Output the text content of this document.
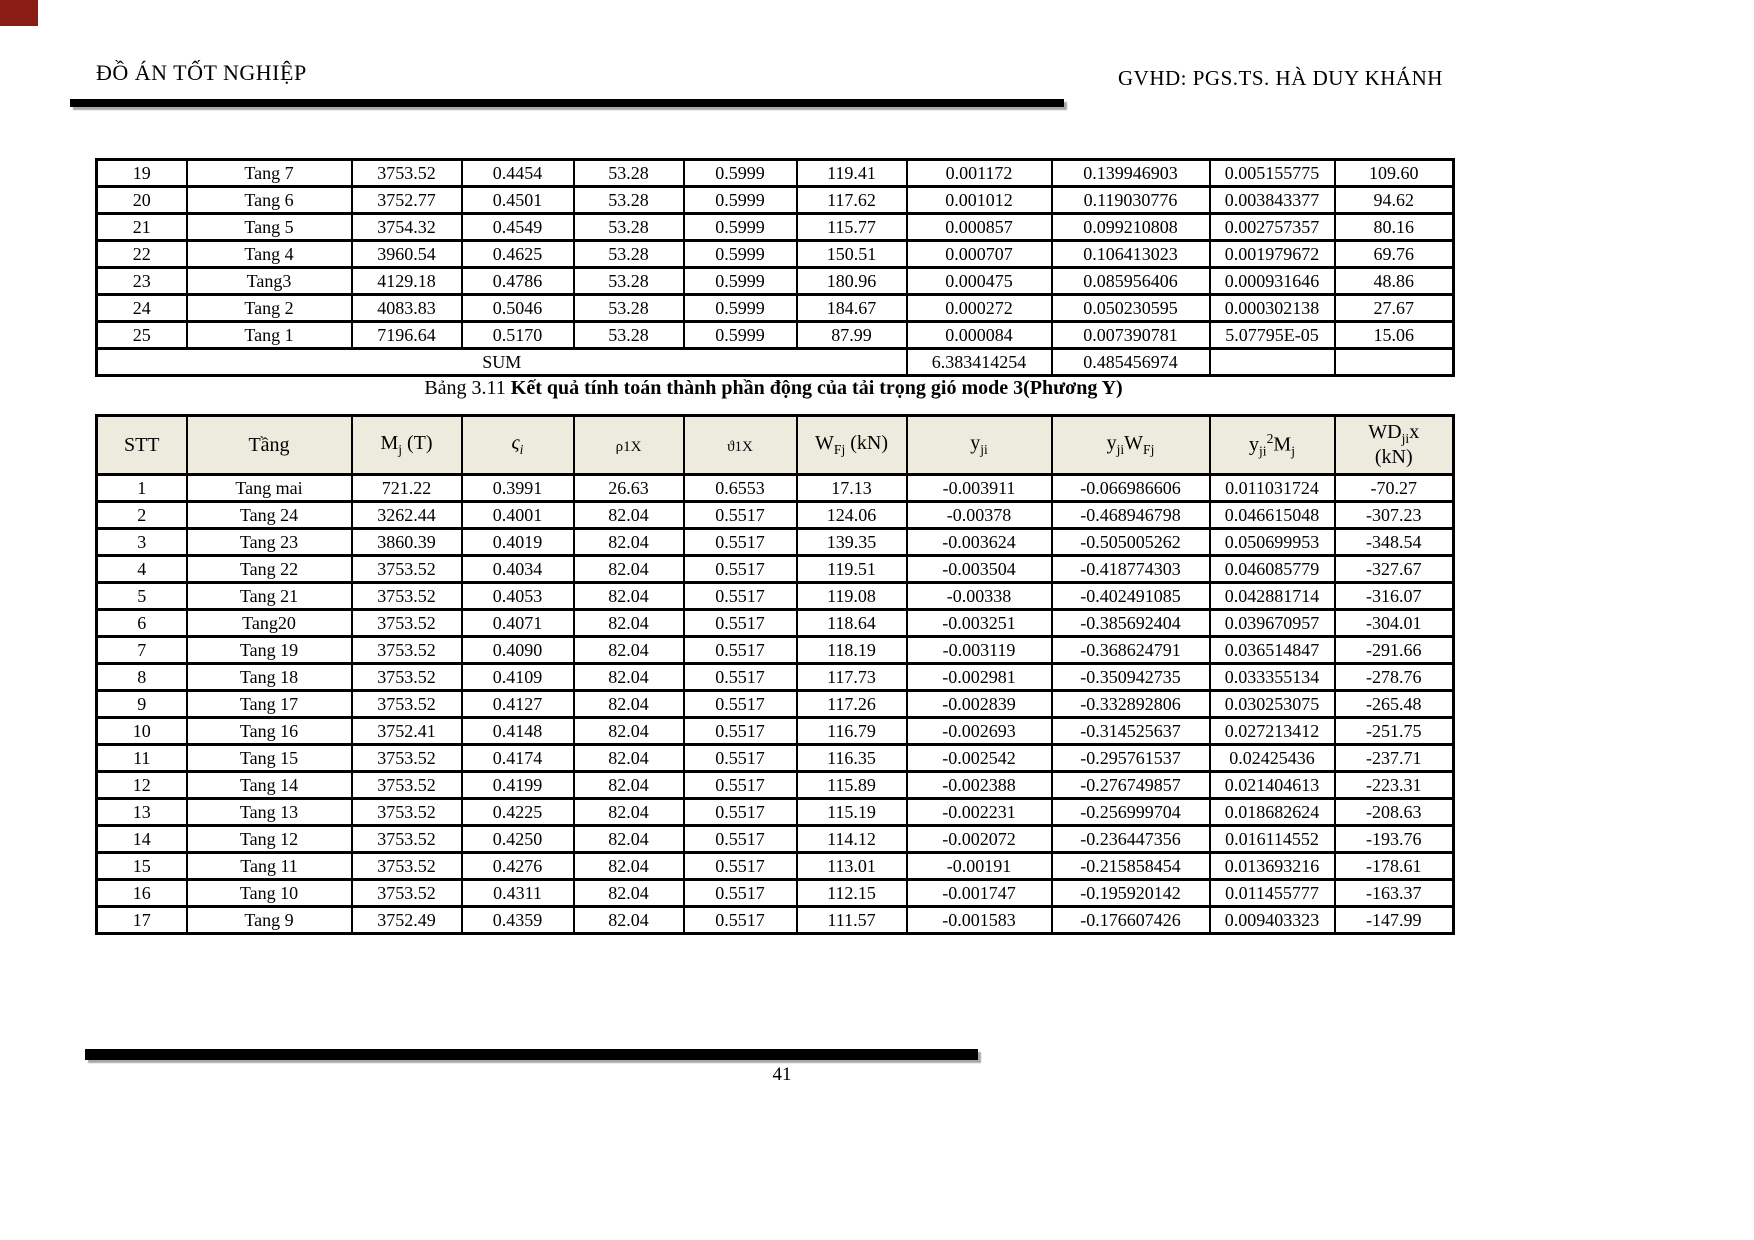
ĐỒ ÁN TỐT NGHIỆP	GVHD: PGS.TS. HÀ DUY KHÁNH
19	Tang 7	3753.52	0.4454	53.28	0.5999	119.41	0.001172	0.139946903	0.005155775	109.60
20	Tang 6	3752.77	0.4501	53.28	0.5999	117.62	0.001012	0.119030776	0.003843377	94.62
21	Tang 5	3754.32	0.4549	53.28	0.5999	115.77	0.000857	0.099210808	0.002757357	80.16
22	Tang 4	3960.54	0.4625	53.28	0.5999	150.51	0.000707	0.106413023	0.001979672	69.76
23	Tang3	4129.18	0.4786	53.28	0.5999	180.96	0.000475	0.085956406	0.000931646	48.86
24	Tang 2	4083.83	0.5046	53.28	0.5999	184.67	0.000272	0.050230595	0.000302138	27.67
25	Tang 1	7196.64	0.5170	53.28	0.5999	87.99	0.000084	0.007390781	5.07795E-05	15.06
SUM							6.383414254	0.485456974		
Bảng 3.11 Kết quả tính toán thành phần động của tải trọng gió mode 3(Phương Y)
STT	Tầng	$M_j$ (T)	$\varsigma_i$	ρ1X	ϑ1X	$W_{Fj}$ (kN)	$y_{ji}$	$y_{ji}W_{Fj}$	$y_{ji}^2M_j$	$WD_{ji}x$
(kN)
1	Tang mai	721.22	0.3991	26.63	0.6553	17.13	-0.003911	-0.066986606	0.011031724	-70.27
2	Tang 24	3262.44	0.4001	82.04	0.5517	124.06	-0.00378	-0.468946798	0.046615048	-307.23
3	Tang 23	3860.39	0.4019	82.04	0.5517	139.35	-0.003624	-0.505005262	0.050699953	-348.54
4	Tang 22	3753.52	0.4034	82.04	0.5517	119.51	-0.003504	-0.418774303	0.046085779	-327.67
5	Tang 21	3753.52	0.4053	82.04	0.5517	119.08	-0.00338	-0.402491085	0.042881714	-316.07
6	Tang20	3753.52	0.4071	82.04	0.5517	118.64	-0.003251	-0.385692404	0.039670957	-304.01
7	Tang 19	3753.52	0.4090	82.04	0.5517	118.19	-0.003119	-0.368624791	0.036514847	-291.66
8	Tang 18	3753.52	0.4109	82.04	0.5517	117.73	-0.002981	-0.350942735	0.033355134	-278.76
9	Tang 17	3753.52	0.4127	82.04	0.5517	117.26	-0.002839	-0.332892806	0.030253075	-265.48
10	Tang 16	3752.41	0.4148	82.04	0.5517	116.79	-0.002693	-0.314525637	0.027213412	-251.75
11	Tang 15	3753.52	0.4174	82.04	0.5517	116.35	-0.002542	-0.295761537	0.02425436	-237.71
12	Tang 14	3753.52	0.4199	82.04	0.5517	115.89	-0.002388	-0.276749857	0.021404613	-223.31
13	Tang 13	3753.52	0.4225	82.04	0.5517	115.19	-0.002231	-0.256999704	0.018682624	-208.63
14	Tang 12	3753.52	0.4250	82.04	0.5517	114.12	-0.002072	-0.236447356	0.016114552	-193.76
15	Tang 11	3753.52	0.4276	82.04	0.5517	113.01	-0.00191	-0.215858454	0.013693216	-178.61
16	Tang 10	3753.52	0.4311	82.04	0.5517	112.15	-0.001747	-0.195920142	0.011455777	-163.37
17	Tang 9	3752.49	0.4359	82.04	0.5517	111.57	-0.001583	-0.176607426	0.009403323	-147.99
41
